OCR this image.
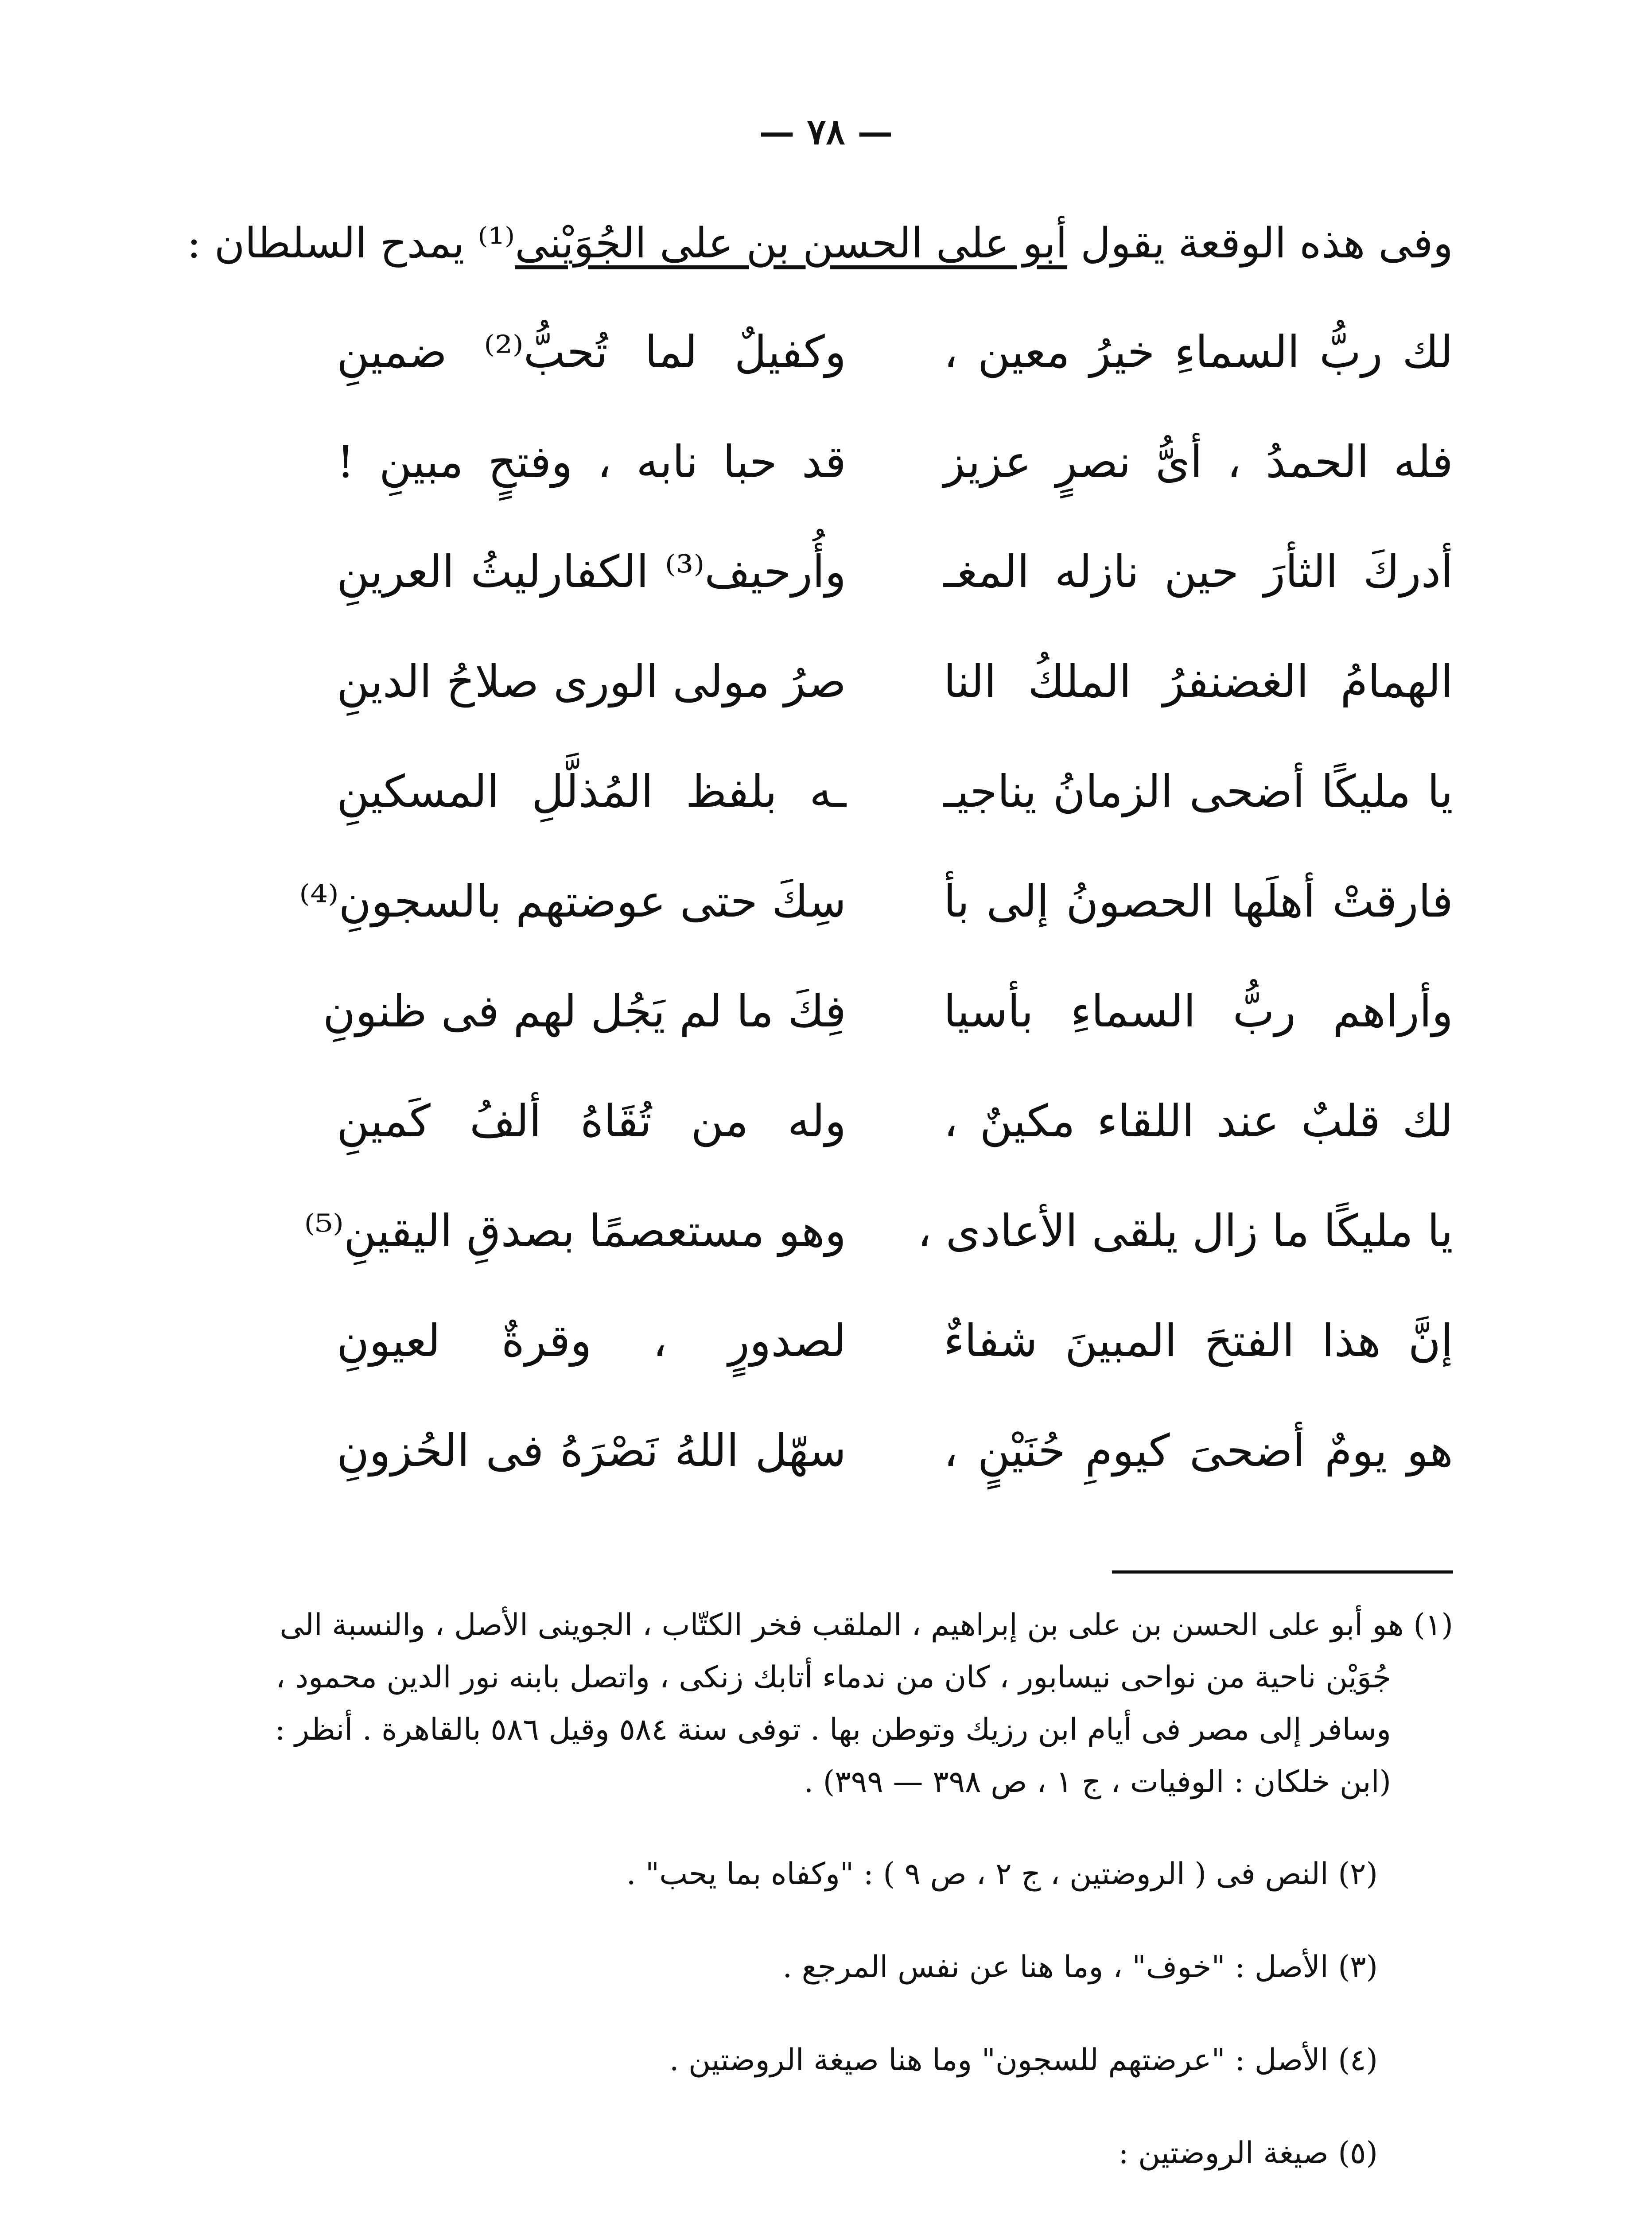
— ٧٨ —
وفى هذه الوقعة يقول أبو على الحسن بن على الجُوَيْنى⁽¹⁾ يمدح السلطان :
لك ربُّ السماءِ خيرُ معين ،
وكفيلٌ لما تُحبُّ⁽²⁾ ضمينِ
فله الحمدُ ، أىُّ نصرٍ عزيز
قد حبا نابه ، وفتحٍ مبينِ !
أدركَ الثأرَ حين نازله المغـ
وأُرحيف⁽³⁾ الكفارليثُ العرينِ
الهمامُ الغضنفرُ الملكُ النا
صرُ مولى الورى صلاحُ الدينِ
يا مليكًا أضحى الزمانُ يناجيـ
ـه بلفظ المُذلَّلِ المسكينِ
فارقتْ أهلَها الحصونُ إلى بأ
سِكَ حتى عوضتهم بالسجونِ⁽⁴⁾
وأراهم ربُّ السماءِ بأسيا
فِكَ ما لم يَجُل لهم فى ظنونِ
لك قلبٌ عند اللقاء مكينٌ ،
وله من تُقَاهُ ألفُ كَمينِ
يا مليكًا ما زال يلقى الأعادى ،
وهو مستعصمًا بصدقِ اليقينِ⁽⁵⁾
إنَّ هذا الفتحَ المبينَ شفاءٌ
لصدورٍ ، وقرةٌ لعيونِ
هو يومٌ أضحىَ كيومِ حُنَيْنٍ ،
سهّل اللهُ نَصْرَهُ فى الحُزونِ
(١) هو أبو على الحسن بن على بن إبراهيم ، الملقب فخر الكتّاب ، الجوينى الأصل ، والنسبة الى
جُوَيْن ناحية من نواحى نيسابور ، كان من ندماء أتابك زنكى ، واتصل بابنه نور الدين محمود ،
وسافر إلى مصر فى أيام ابن رزيك وتوطن بها . توفى سنة ٥٨٤ وقيل ٥٨٦ بالقاهرة . أنظر :
(ابن خلكان : الوفيات ، ج ١ ، ص ٣٩٨ — ٣٩٩) .
(٢) النص فى ( الروضتين ، ج ٢ ، ص ٩ ) : "وكفاه بما يحب" .
(٣) الأصل : "خوف" ، وما هنا عن نفس المرجع .
(٤) الأصل : "عرضتهم للسجون" وما هنا صيغة الروضتين .
(٥) صيغة الروضتين :
